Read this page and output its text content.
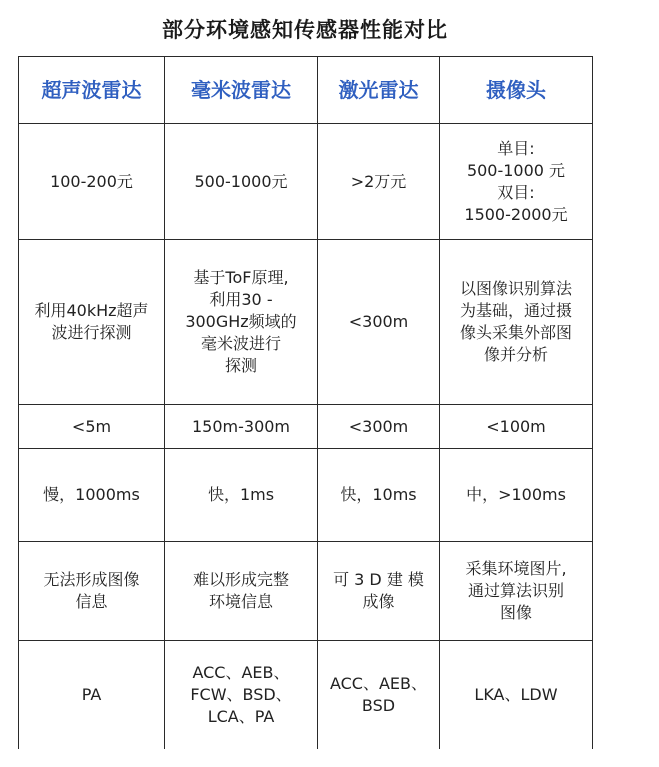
部分环境感知传感器性能对比
超声波雷达	毫米波雷达	激光雷达	摄像头

100-200元	500-1000元	>2万元	单目:
500-1000 元
双目:
1500-2000元

利用40kHz超声
波进行探测	基于ToF原理,
利用30 -
300GHz频域的
毫米波进行
探测	<300m	以图像识别算法
为基础，通过摄
像头采集外部图
像并分析

<5m	150m-300m	<300m	<100m

慢，1000ms	快，1ms	快，10ms	中，>100ms

无法形成图像
信息	难以形成完整
环境信息	可 3 D 建 模
成像	采集环境图片,
通过算法识别
图像

PA	ACC、AEB、
FCW、BSD、
LCA、PA	ACC、AEB、
BSD	LKA、LDW
